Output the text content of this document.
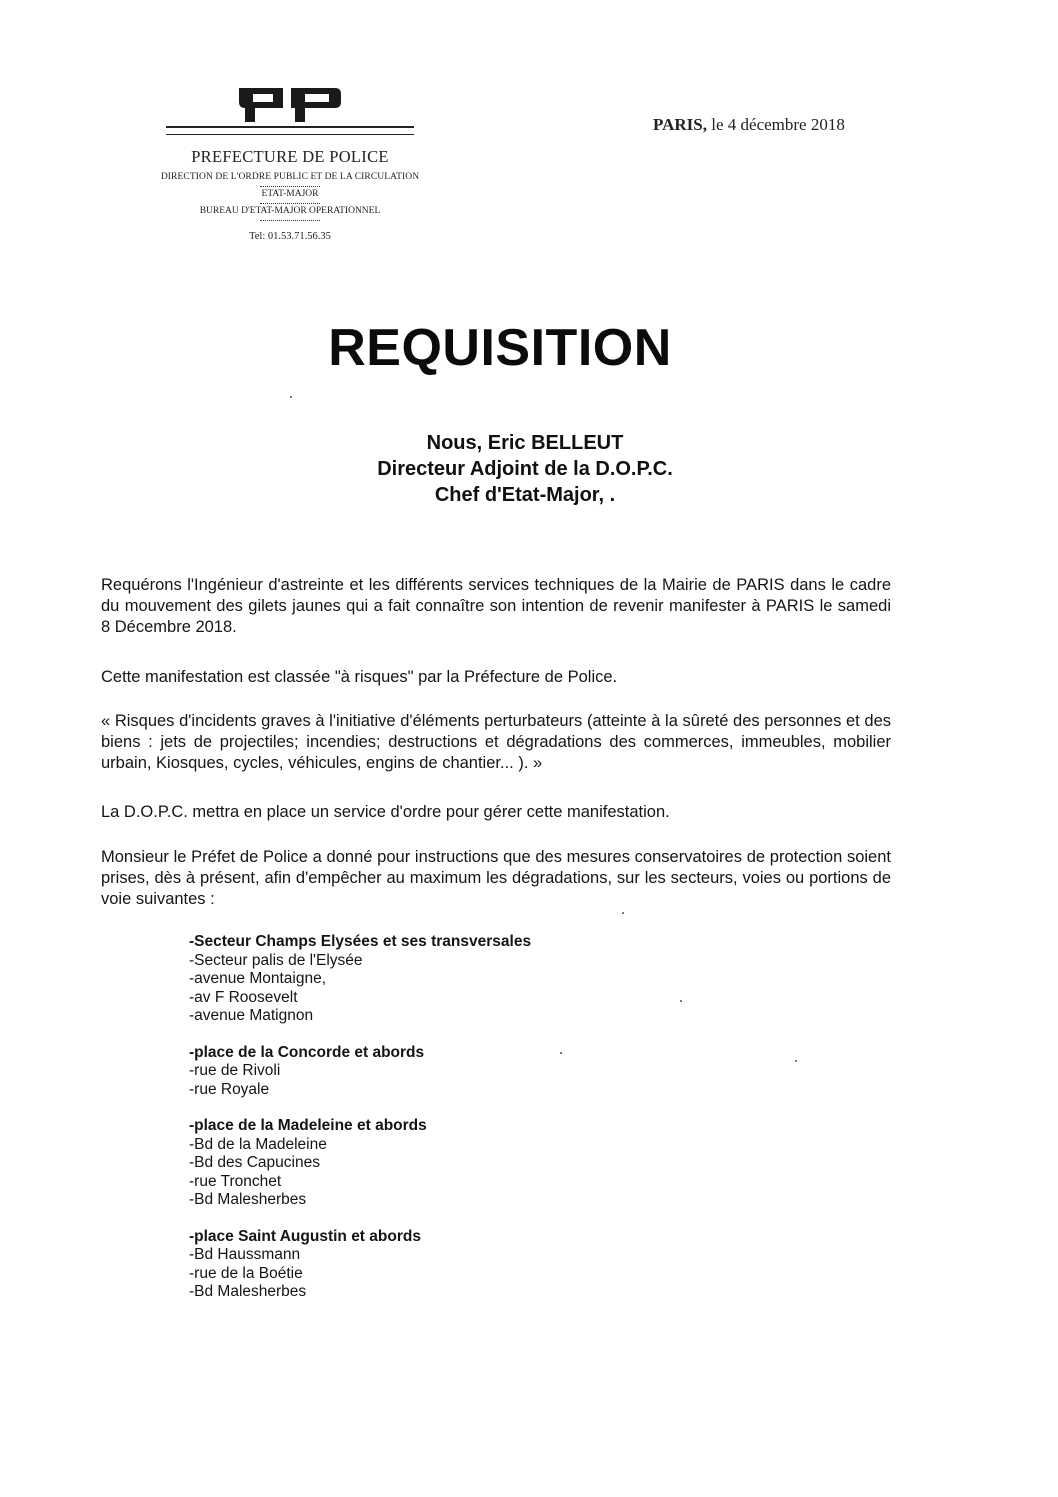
PREFECTURE DE POLICE
DIRECTION DE L'ORDRE PUBLIC ET DE LA CIRCULATION
ETAT-MAJOR
BUREAU D'ETAT-MAJOR OPERATIONNEL
Tel: 01.53.71.56.35
PARIS, le 4 décembre 2018
REQUISITION
Nous, Eric BELLEUT
Directeur Adjoint de la D.O.P.C.
Chef d'Etat-Major, .
Requérons l'Ingénieur d'astreinte et les différents services techniques de la Mairie de PARIS dans le cadre du mouvement des gilets jaunes qui a fait connaître son intention de revenir manifester à PARIS le samedi 8 Décembre 2018.
Cette manifestation est classée "à risques" par la Préfecture de Police.
« Risques d'incidents graves à l'initiative d'éléments perturbateurs (atteinte à la sûreté des personnes et des biens : jets de projectiles; incendies; destructions et dégradations des commerces, immeubles, mobilier urbain, Kiosques, cycles, véhicules, engins de chantier... ). »
La D.O.P.C. mettra en place un service d'ordre pour gérer cette manifestation.
Monsieur le Préfet de Police a donné pour instructions que des mesures conservatoires de protection soient prises, dès à présent, afin d'empêcher au maximum les dégradations, sur les secteurs, voies ou portions de voie suivantes :
-Secteur Champs Elysées et ses transversales
-Secteur palis de l'Elysée
-avenue Montaigne,
-av F Roosevelt
-avenue Matignon
-place de la Concorde et abords
-rue de Rivoli
-rue Royale
-place de la Madeleine et abords
-Bd de la Madeleine
-Bd des Capucines
-rue Tronchet
-Bd Malesherbes
-place Saint Augustin et abords
-Bd Haussmann
-rue de la Boétie
-Bd Malesherbes
